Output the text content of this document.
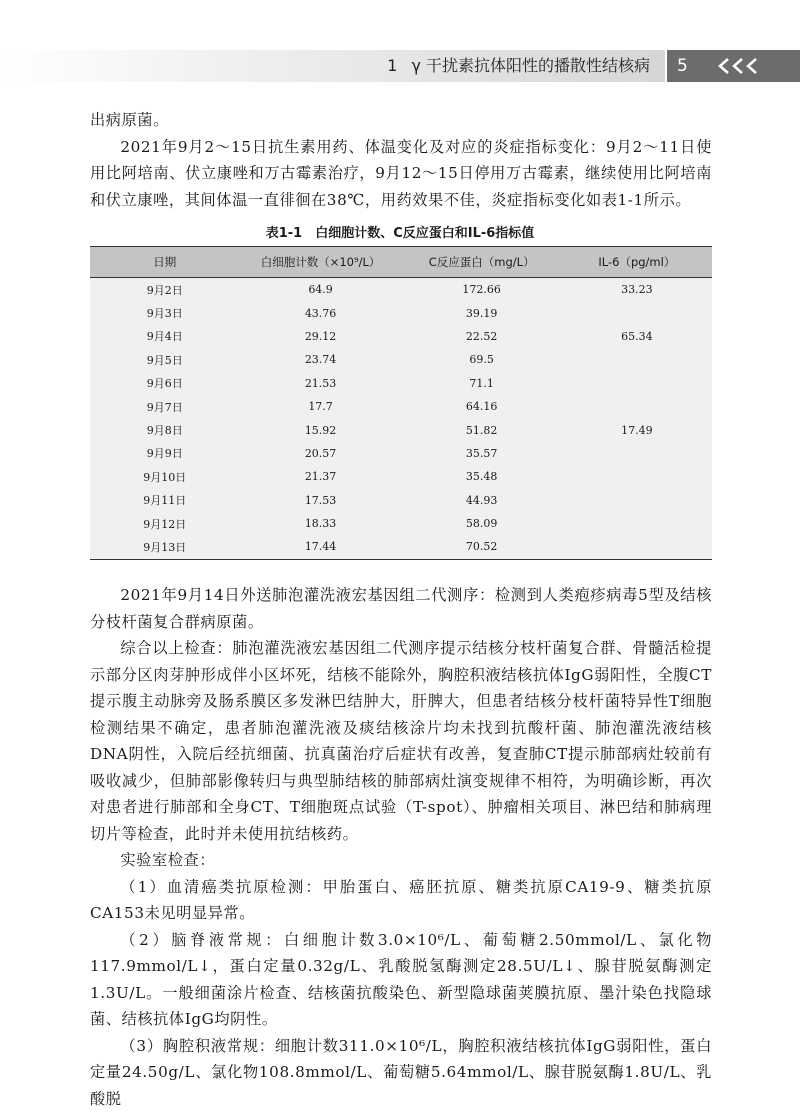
1 γ 干扰素抗体阳性的播散性结核病 5

出病原菌。

2021年9月2～15日抗生素用药、体温变化及对应的炎症指标变化：9月2～11日使用比阿培南、伏立康唑和万古霉素治疗，9月12～15日停用万古霉素，继续使用比阿培南和伏立康唑，其间体温一直徘徊在38℃，用药效果不佳，炎症指标变化如表1-1所示。

表1-1　白细胞计数、C反应蛋白和IL-6指标值
日期	白细胞计数（×10⁹/L）	C反应蛋白（mg/L）	IL-6（pg/ml）
9月2日	64.9	172.66	33.23
9月3日	43.76	39.19	
9月4日	29.12	22.52	65.34
9月5日	23.74	69.5	
9月6日	21.53	71.1	
9月7日	17.7	64.16	
9月8日	15.92	51.82	17.49
9月9日	20.57	35.57	
9月10日	21.37	35.48	
9月11日	17.53	44.93	
9月12日	18.33	58.09	
9月13日	17.44	70.52	

2021年9月14日外送肺泡灌洗液宏基因组二代测序：检测到人类疱疹病毒5型及结核分枝杆菌复合群病原菌。

综合以上检查：肺泡灌洗液宏基因组二代测序提示结核分枝杆菌复合群、骨髓活检提示部分区肉芽肿形成伴小区坏死，结核不能除外，胸腔积液结核抗体IgG弱阳性，全腹CT提示腹主动脉旁及肠系膜区多发淋巴结肿大，肝脾大，但患者结核分枝杆菌特异性T细胞检测结果不确定，患者肺泡灌洗液及痰结核涂片均未找到抗酸杆菌、肺泡灌洗液结核DNA阴性，入院后经抗细菌、抗真菌治疗后症状有改善，复查肺CT提示肺部病灶较前有吸收减少，但肺部影像转归与典型肺结核的肺部病灶演变规律不相符，为明确诊断，再次对患者进行肺部和全身CT、T细胞斑点试验（T-spot）、肿瘤相关项目、淋巴结和肺病理切片等检查，此时并未使用抗结核药。

实验室检查：

（1）血清癌类抗原检测：甲胎蛋白、癌胚抗原、糖类抗原CA19-9、糖类抗原CA153未见明显异常。

（2）脑脊液常规：白细胞计数3.0×10⁶/L、葡萄糖2.50mmol/L、氯化物117.9mmol/L↓，蛋白定量0.32g/L、乳酸脱氢酶测定28.5U/L↓、腺苷脱氨酶测定1.3U/L。一般细菌涂片检查、结核菌抗酸染色、新型隐球菌荚膜抗原、墨汁染色找隐球菌、结核抗体IgG均阴性。

（3）胸腔积液常规：细胞计数311.0×10⁶/L，胸腔积液结核抗体IgG弱阳性，蛋白定量24.50g/L、氯化物108.8mmol/L、葡萄糖5.64mmol/L、腺苷脱氨酶1.8U/L、乳酸脱
